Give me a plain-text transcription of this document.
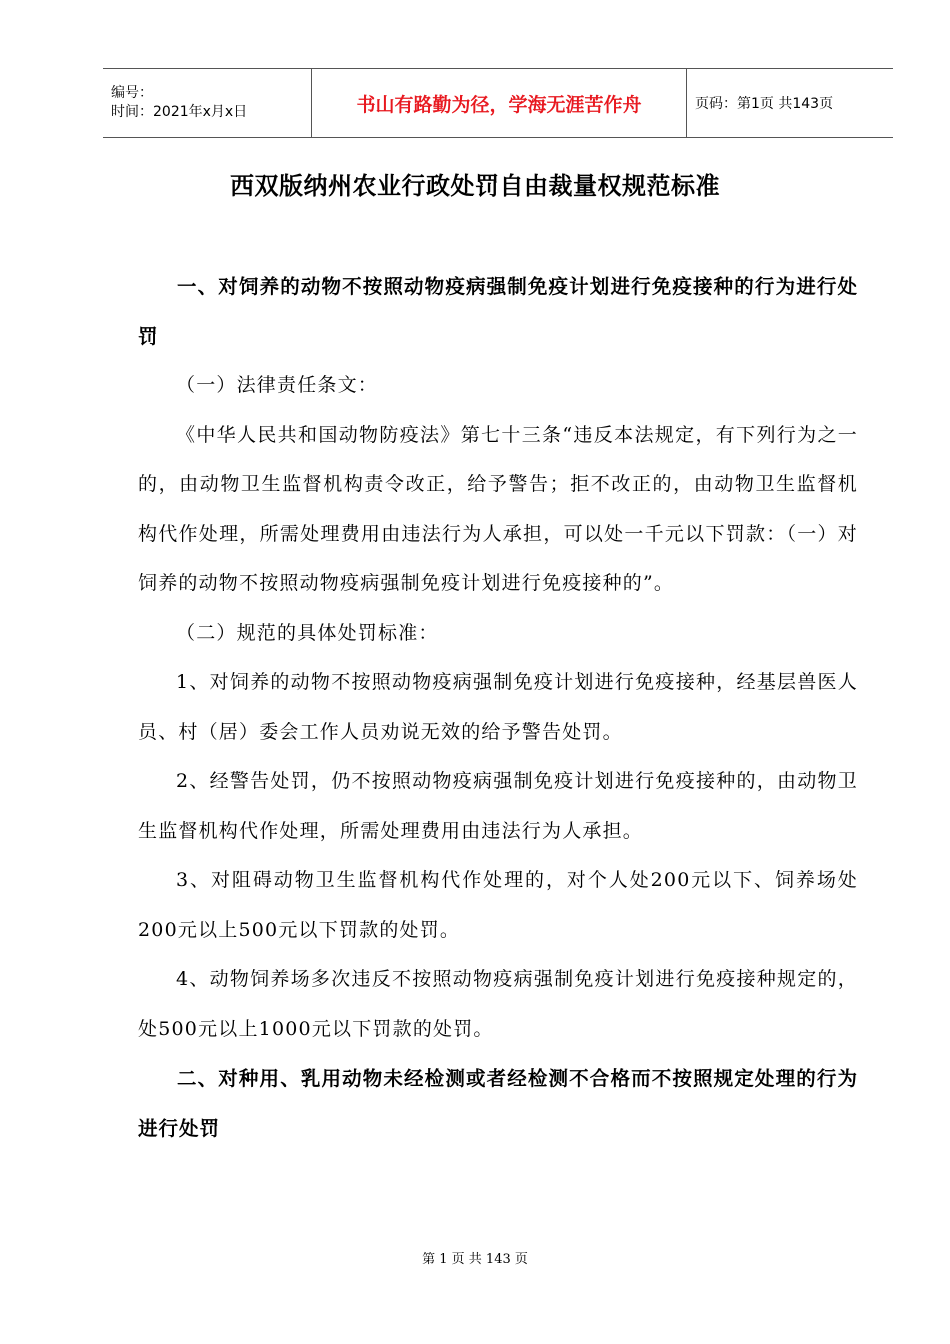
编号：
时间：2021年x月x日	书山有路勤为径，学海无涯苦作舟	页码：第1页 共143页
西双版纳州农业行政处罚自由裁量权规范标准

一、对饲养的动物不按照动物疫病强制免疫计划进行免疫接种的行为进行处罚

（一）法律责任条文：

《中华人民共和国动物防疫法》第七十三条“违反本法规定，有下列行为之一的，由动物卫生监督机构责令改正，给予警告；拒不改正的，由动物卫生监督机构代作处理，所需处理费用由违法行为人承担，可以处一千元以下罚款：（一）对饲养的动物不按照动物疫病强制免疫计划进行免疫接种的”。

（二）规范的具体处罚标准：

1、对饲养的动物不按照动物疫病强制免疫计划进行免疫接种，经基层兽医人员、村（居）委会工作人员劝说无效的给予警告处罚。

2、经警告处罚，仍不按照动物疫病强制免疫计划进行免疫接种的，由动物卫生监督机构代作处理，所需处理费用由违法行为人承担。

3、对阻碍动物卫生监督机构代作处理的，对个人处200元以下、饲养场处200元以上500元以下罚款的处罚。

4、动物饲养场多次违反不按照动物疫病强制免疫计划进行免疫接种规定的，处500元以上1000元以下罚款的处罚。

二、对种用、乳用动物未经检测或者经检测不合格而不按照规定处理的行为进行处罚

第 1 页 共 143 页
